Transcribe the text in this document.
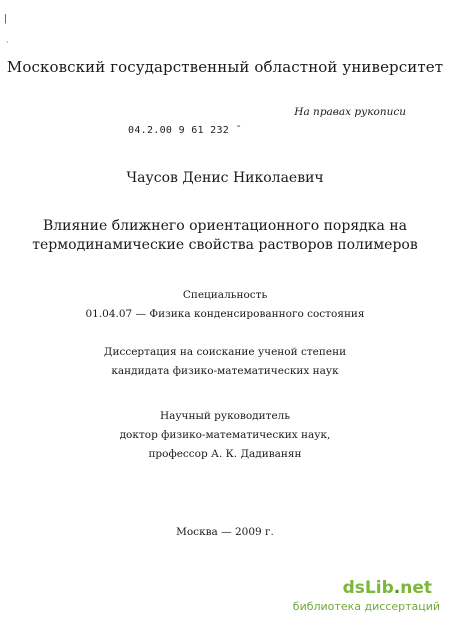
|
·
Московский государственный областной университет
На правах рукописи
04.2.00 9 61 232 ˜
Чаусов Денис Николаевич
Влияние ближнего ориентационного порядка на
термодинамические свойства растворов полимеров
Специальность
01.04.07 — Физика конденсированного состояния
Диссертация на соискание ученой степени
кандидата физико-математических наук
Научный руководитель
доктор физико-математических наук,
профессор А. К. Дадиванян
Москва — 2009 г.
dsLib.net
библиотека диссертаций
